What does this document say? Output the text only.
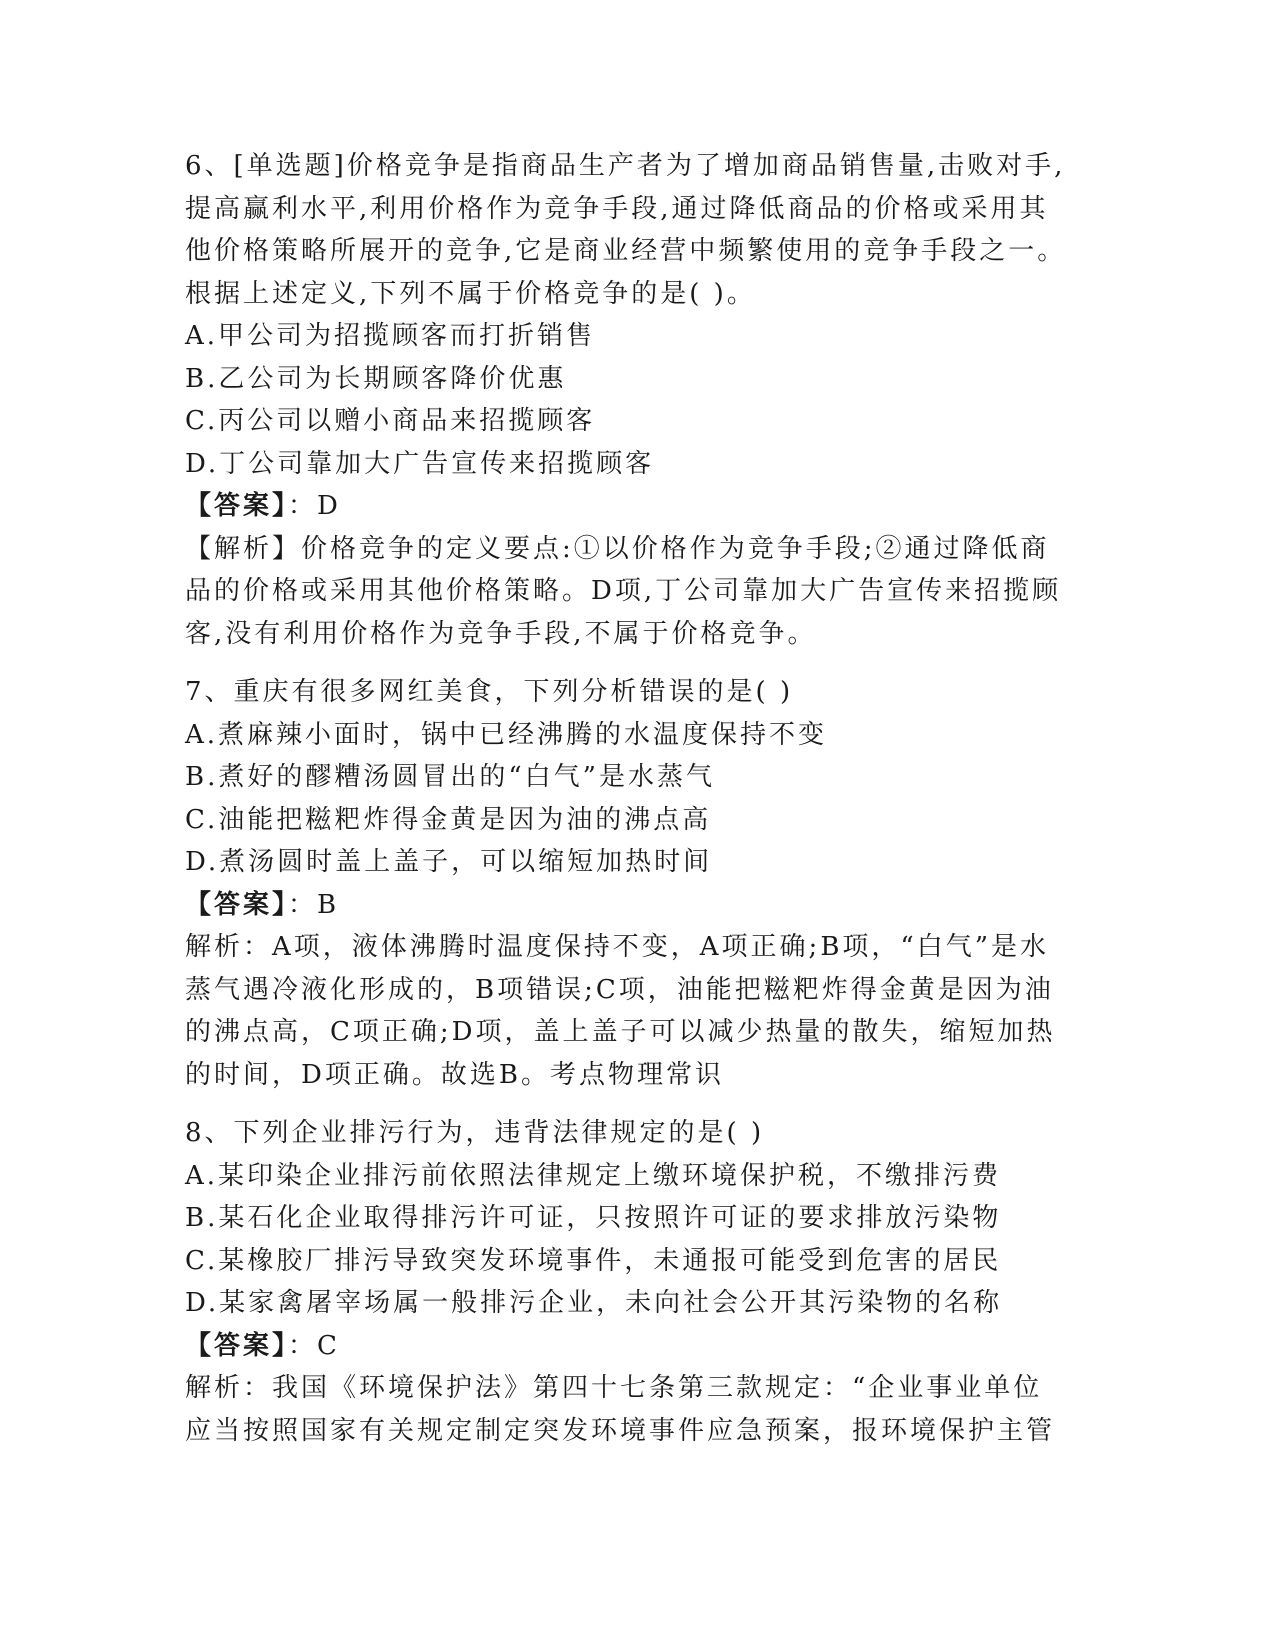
6、[单选题]价格竞争是指商品生产者为了增加商品销售量,击败对手,
提高赢利水平,利用价格作为竞争手段,通过降低商品的价格或采用其
他价格策略所展开的竞争,它是商业经营中频繁使用的竞争手段之一。
根据上述定义,下列不属于价格竞争的是( )。
A.甲公司为招揽顾客而打折销售
B.乙公司为长期顾客降价优惠
C.丙公司以赠小商品来招揽顾客
D.丁公司靠加大广告宣传来招揽顾客
【答案】：D
【解析】价格竞争的定义要点:①以价格作为竞争手段;②通过降低商
品的价格或采用其他价格策略。D项,丁公司靠加大广告宣传来招揽顾
客,没有利用价格作为竞争手段,不属于价格竞争。
7、重庆有很多网红美食，下列分析错误的是( )
A.煮麻辣小面时，锅中已经沸腾的水温度保持不变
B.煮好的醪糟汤圆冒出的“白气”是水蒸气
C.油能把糍粑炸得金黄是因为油的沸点高
D.煮汤圆时盖上盖子，可以缩短加热时间
【答案】：B
解析：A项，液体沸腾时温度保持不变，A项正确;B项，“白气”是水
蒸气遇冷液化形成的，B项错误;C项，油能把糍粑炸得金黄是因为油
的沸点高，C项正确;D项，盖上盖子可以减少热量的散失，缩短加热
的时间，D项正确。故选B。考点物理常识
8、下列企业排污行为，违背法律规定的是( )
A.某印染企业排污前依照法律规定上缴环境保护税，不缴排污费
B.某石化企业取得排污许可证，只按照许可证的要求排放污染物
C.某橡胶厂排污导致突发环境事件，未通报可能受到危害的居民
D.某家禽屠宰场属一般排污企业，未向社会公开其污染物的名称
【答案】：C
解析：我国《环境保护法》第四十七条第三款规定：“企业事业单位
应当按照国家有关规定制定突发环境事件应急预案，报环境保护主管
